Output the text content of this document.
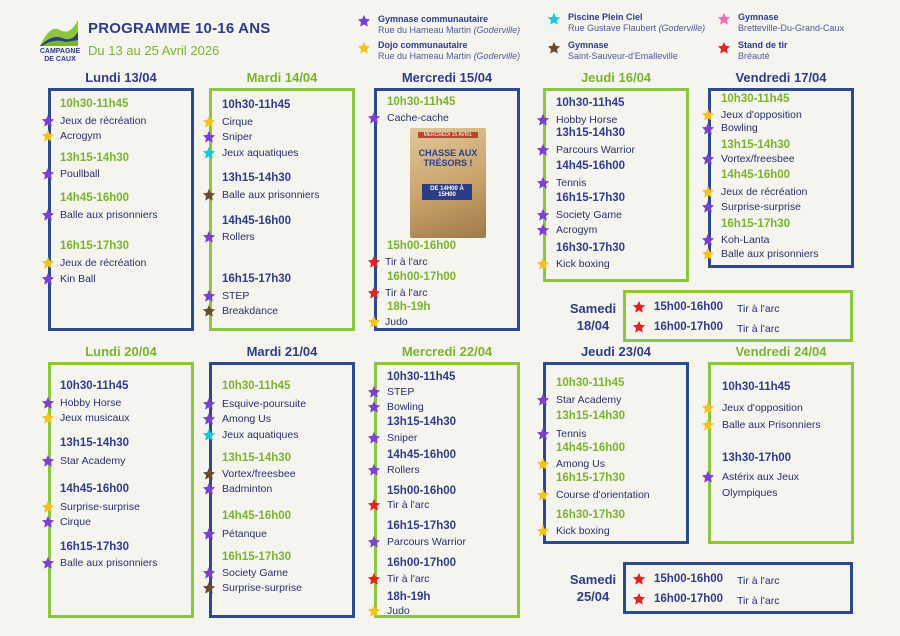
CAMPAGNE DE CAUX
PROGRAMME 10-16 ANS
Du 13 au 25 Avril 2026
Gymnase communautaire
Rue du Hameau Martin (Goderville)
Dojo communautaire
Rue du Hameau Martin (Goderville)
Piscine Plein Ciel
Rue Gustave Flaubert (Goderville)
Gymnase
Saint-Sauveur-d'Emalleville
Gymnase
Bretteville-Du-Grand-Caux
Stand de tir
Bréauté
Lundi 13/04
10h30-11h45
Jeux de récréation
Acrogym
13h15-14h30
Poullball
14h45-16h00
Balle aux prisonniers
16h15-17h30
Jeux de récréation
Kin Ball
Mardi 14/04
10h30-11h45
Cirque
Sniper
Jeux aquatiques
13h15-14h30
Balle aux prisonniers
14h45-16h00
Rollers
16h15-17h30
STEP
Breakdance
Mercredi 15/04
10h30-11h45
Cache-cache
MERCREDI 15 AVRIL
CHASSE AUX TRÉSORS !
DE 14H00 À 15H00
15h00-16h00
Tir à l'arc
16h00-17h00
Tir à l'arc
18h-19h
Judo
Jeudi 16/04
10h30-11h45
Hobby Horse
13h15-14h30
Parcours Warrior
14h45-16h00
Tennis
16h15-17h30
Society Game
Acrogym
16h30-17h30
Kick boxing
Vendredi 17/04
10h30-11h45
Jeux d'opposition
Bowling
13h15-14h30
Vortex/freesbee
14h45-16h00
Jeux de récréation
Surprise-surprise
16h15-17h30
Koh-Lanta
Balle aux prisonniers
Samedi
18/04
15h00-16h00 Tir à l'arc
16h00-17h00 Tir à l'arc
Lundi 20/04
10h30-11h45
Hobby Horse
Jeux musicaux
13h15-14h30
Star Academy
14h45-16h00
Surprise-surprise
Cirque
16h15-17h30
Balle aux prisonniers
Mardi 21/04
10h30-11h45
Esquive-poursuite
Among Us
Jeux aquatiques
13h15-14h30
Vortex/freesbee
Badminton
14h45-16h00
Pétanque
16h15-17h30
Society Game
Surprise-surprise
Mercredi 22/04
10h30-11h45
STEP
Bowling
13h15-14h30
Sniper
14h45-16h00
Rollers
15h00-16h00
Tir à l'arc
16h15-17h30
Parcours Warrior
16h00-17h00
Tir à l'arc
18h-19h
Judo
Jeudi 23/04
10h30-11h45
Star Academy
13h15-14h30
Tennis
14h45-16h00
Among Us
16h15-17h30
Course d'orientation
16h30-17h30
Kick boxing
Vendredi 24/04
10h30-11h45
Jeux d'opposition
Balle aux Prisonniers
13h30-17h00
Astérix aux Jeux
Olympiques
Samedi
25/04
15h00-16h00 Tir à l'arc
16h00-17h00 Tir à l'arc
